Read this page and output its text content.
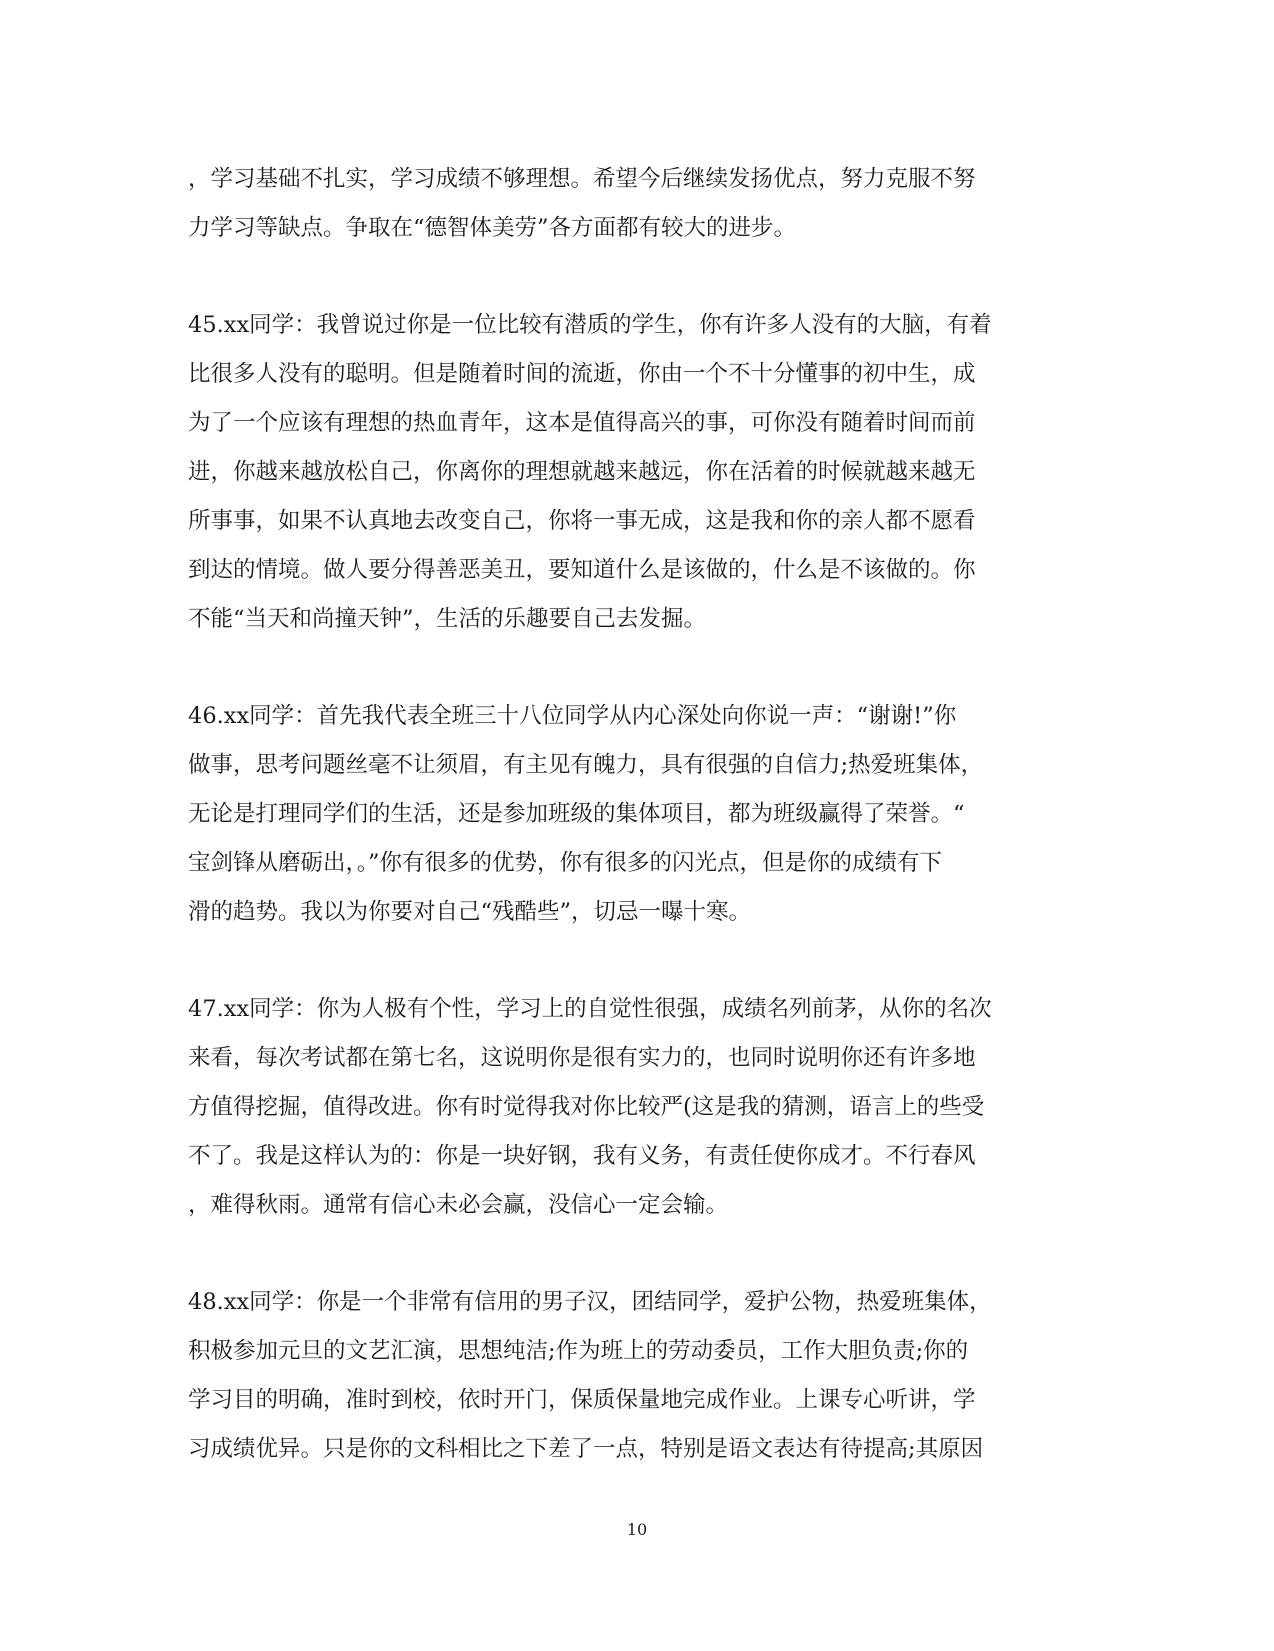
，学习基础不扎实，学习成绩不够理想。希望今后继续发扬优点，努力克服不努
力学习等缺点。争取在“德智体美劳”各方面都有较大的进步。

45.xx同学：我曾说过你是一位比较有潜质的学生，你有许多人没有的大脑，有着
比很多人没有的聪明。但是随着时间的流逝，你由一个不十分懂事的初中生，成
为了一个应该有理想的热血青年，这本是值得高兴的事，可你没有随着时间而前
进，你越来越放松自己，你离你的理想就越来越远，你在活着的时候就越来越无
所事事，如果不认真地去改变自己，你将一事无成，这是我和你的亲人都不愿看
到达的情境。做人要分得善恶美丑，要知道什么是该做的，什么是不该做的。你
不能“当天和尚撞天钟”，生活的乐趣要自己去发掘。

46.xx同学：首先我代表全班三十八位同学从内心深处向你说一声：“谢谢!”你
做事，思考问题丝毫不让须眉，有主见有魄力，具有很强的自信力;热爱班集体，
无论是打理同学们的生活，还是参加班级的集体项目，都为班级赢得了荣誉。“
宝剑锋从磨砺出，。”你有很多的优势，你有很多的闪光点，但是你的成绩有下
滑的趋势。我以为你要对自己“残酷些”，切忌一曝十寒。

47.xx同学：你为人极有个性，学习上的自觉性很强，成绩名列前茅，从你的名次
来看，每次考试都在第七名，这说明你是很有实力的，也同时说明你还有许多地
方值得挖掘，值得改进。你有时觉得我对你比较严(这是我的猜测，语言上的些受
不了。我是这样认为的：你是一块好钢，我有义务，有责任使你成才。不行春风
，难得秋雨。通常有信心未必会赢，没信心一定会输。

48.xx同学：你是一个非常有信用的男子汉，团结同学，爱护公物，热爱班集体，
积极参加元旦的文艺汇演，思想纯洁;作为班上的劳动委员，工作大胆负责;你的
学习目的明确，准时到校，依时开门，保质保量地完成作业。上课专心听讲，学
习成绩优异。只是你的文科相比之下差了一点，特别是语文表达有待提高;其原因

10
